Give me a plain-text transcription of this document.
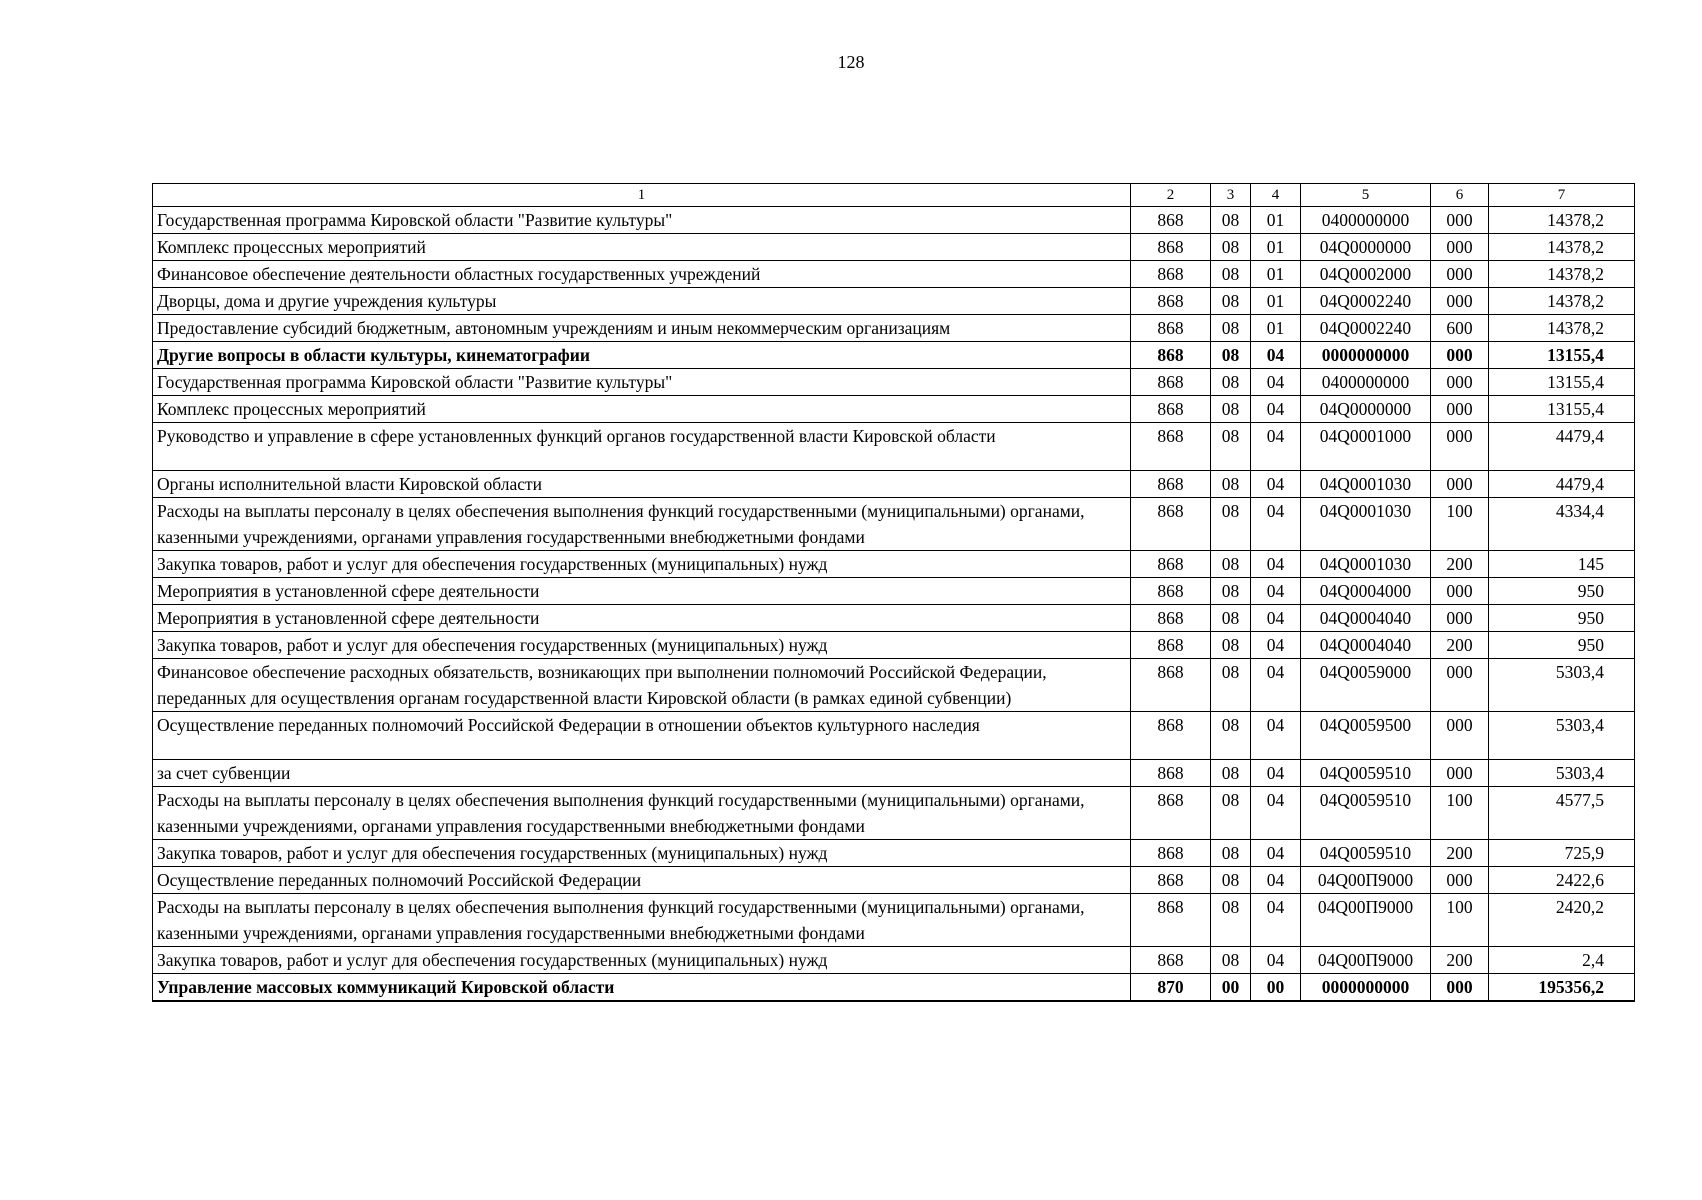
128
1	2	3	4	5	6	7
Государственная программа Кировской области "Развитие культуры"	868	08	01	0400000000	000	14378,2
Комплекс процессных мероприятий	868	08	01	04Q0000000	000	14378,2
Финансовое обеспечение деятельности областных государственных учреждений	868	08	01	04Q0002000	000	14378,2
Дворцы, дома и другие учреждения культуры	868	08	01	04Q0002240	000	14378,2
Предоставление субсидий бюджетным, автономным учреждениям и иным некоммерческим организациям	868	08	01	04Q0002240	600	14378,2
Другие вопросы в области культуры, кинематографии	868	08	04	0000000000	000	13155,4
Государственная программа Кировской области "Развитие культуры"	868	08	04	0400000000	000	13155,4
Комплекс процессных мероприятий	868	08	04	04Q0000000	000	13155,4
Руководство и управление в сфере установленных функций органов государственной власти Кировской области	868	08	04	04Q0001000	000	4479,4
Органы исполнительной власти Кировской области	868	08	04	04Q0001030	000	4479,4
Расходы на выплаты персоналу в целях обеспечения выполнения функций государственными (муниципальными) органами, казенными учреждениями, органами управления государственными внебюджетными фондами	868	08	04	04Q0001030	100	4334,4
Закупка товаров, работ и услуг для обеспечения государственных (муниципальных) нужд	868	08	04	04Q0001030	200	145
Мероприятия в установленной сфере деятельности	868	08	04	04Q0004000	000	950
Мероприятия в установленной сфере деятельности	868	08	04	04Q0004040	000	950
Закупка товаров, работ и услуг для обеспечения государственных (муниципальных) нужд	868	08	04	04Q0004040	200	950
Финансовое обеспечение расходных обязательств, возникающих при выполнении полномочий Российской Федерации, переданных для осуществления органам государственной власти Кировской области (в рамках единой субвенции)	868	08	04	04Q0059000	000	5303,4
Осуществление переданных полномочий Российской Федерации в отношении объектов культурного наследия	868	08	04	04Q0059500	000	5303,4
за счет субвенции	868	08	04	04Q0059510	000	5303,4
Расходы на выплаты персоналу в целях обеспечения выполнения функций государственными (муниципальными) органами, казенными учреждениями, органами управления государственными внебюджетными фондами	868	08	04	04Q0059510	100	4577,5
Закупка товаров, работ и услуг для обеспечения государственных (муниципальных) нужд	868	08	04	04Q0059510	200	725,9
Осуществление переданных полномочий Российской Федерации	868	08	04	04Q00П9000	000	2422,6
Расходы на выплаты персоналу в целях обеспечения выполнения функций государственными (муниципальными) органами, казенными учреждениями, органами управления государственными внебюджетными фондами	868	08	04	04Q00П9000	100	2420,2
Закупка товаров, работ и услуг для обеспечения государственных (муниципальных) нужд	868	08	04	04Q00П9000	200	2,4
Управление массовых коммуникаций Кировской области	870	00	00	0000000000	000	195356,2
